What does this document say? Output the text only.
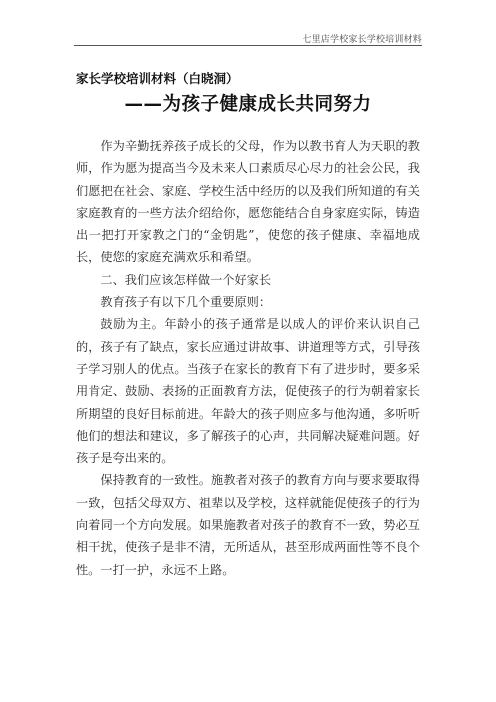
七里店学校家长学校培训材料
家长学校培训材料（白晓洞）
——为孩子健康成长共同努力

作为辛勤抚养孩子成长的父母，作为以教书育人为天职的教师，作为愿为提高当今及未来人口素质尽心尽力的社会公民，我们愿把在社会、家庭、学校生活中经历的以及我们所知道的有关家庭教育的一些方法介绍给你，愿您能结合自身家庭实际，铸造出一把打开家教之门的“金钥匙”，使您的孩子健康、幸福地成长，使您的家庭充满欢乐和希望。

二、我们应该怎样做一个好家长

教育孩子有以下几个重要原则：

鼓励为主。年龄小的孩子通常是以成人的评价来认识自己的，孩子有了缺点，家长应通过讲故事、讲道理等方式，引导孩子学习别人的优点。当孩子在家长的教育下有了进步时，要多采用肯定、鼓励、表扬的正面教育方法，促使孩子的行为朝着家长所期望的良好目标前进。年龄大的孩子则应多与他沟通，多听听他们的想法和建议，多了解孩子的心声，共同解决疑难问题。好孩子是夸出来的。

保持教育的一致性。施教者对孩子的教育方向与要求要取得一致，包括父母双方、祖辈以及学校，这样就能促使孩子的行为向着同一个方向发展。如果施教者对孩子的教育不一致，势必互相干扰，使孩子是非不清，无所适从，甚至形成两面性等不良个性。一打一护，永远不上路。
